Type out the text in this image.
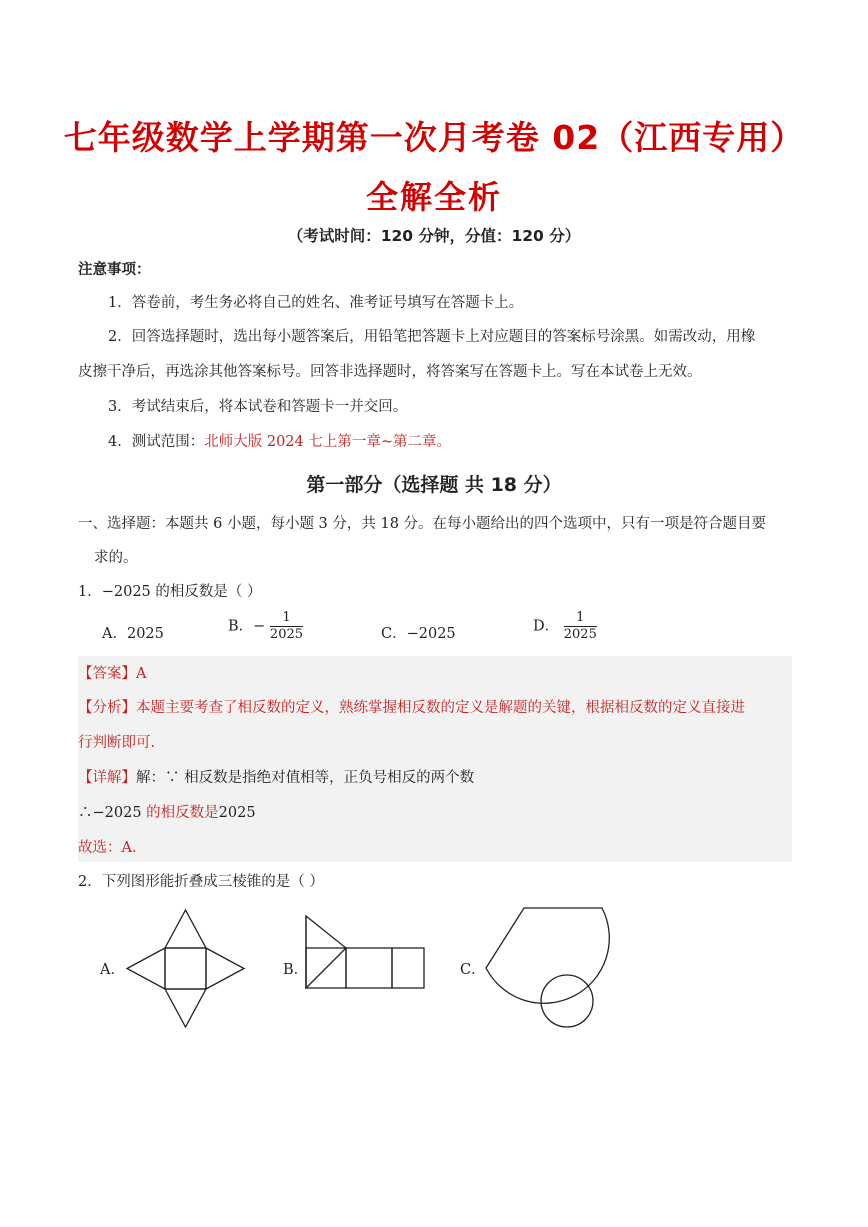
七年级数学上学期第一次月考卷 02（江西专用）
全解全析
（考试时间：120 分钟，分值：120 分）
注意事项：
1．答卷前，考生务必将自己的姓名、准考证号填写在答题卡上。
2．回答选择题时，选出每小题答案后，用铅笔把答题卡上对应题目的答案标号涂黑。如需改动，用橡
皮擦干净后，再选涂其他答案标号。回答非选择题时，将答案写在答题卡上。写在本试卷上无效。
3．考试结束后，将本试卷和答题卡一并交回。
4．测试范围：北师大版 2024 七上第一章~第二章。
第一部分（选择题 共 18 分）
一、选择题：本题共 6 小题，每小题 3 分，共 18 分。在每小题给出的四个选项中，只有一项是符合题目要
求的。
1．−2025 的相反数是（ ）
A．2025	B．− $\frac{1}{2025}$	C．−2025	D． $\frac{1}{2025}$
【答案】A
【分析】本题主要考查了相反数的定义，熟练掌握相反数的定义是解题的关键，根据相反数的定义直接进
行判断即可.
【详解】解：∵ 相反数是指绝对值相等，正负号相反的两个数
∴−2025 的相反数是2025
故选：A.
2．下列图形能折叠成三棱锥的是（ ）
A．	B．	C．
